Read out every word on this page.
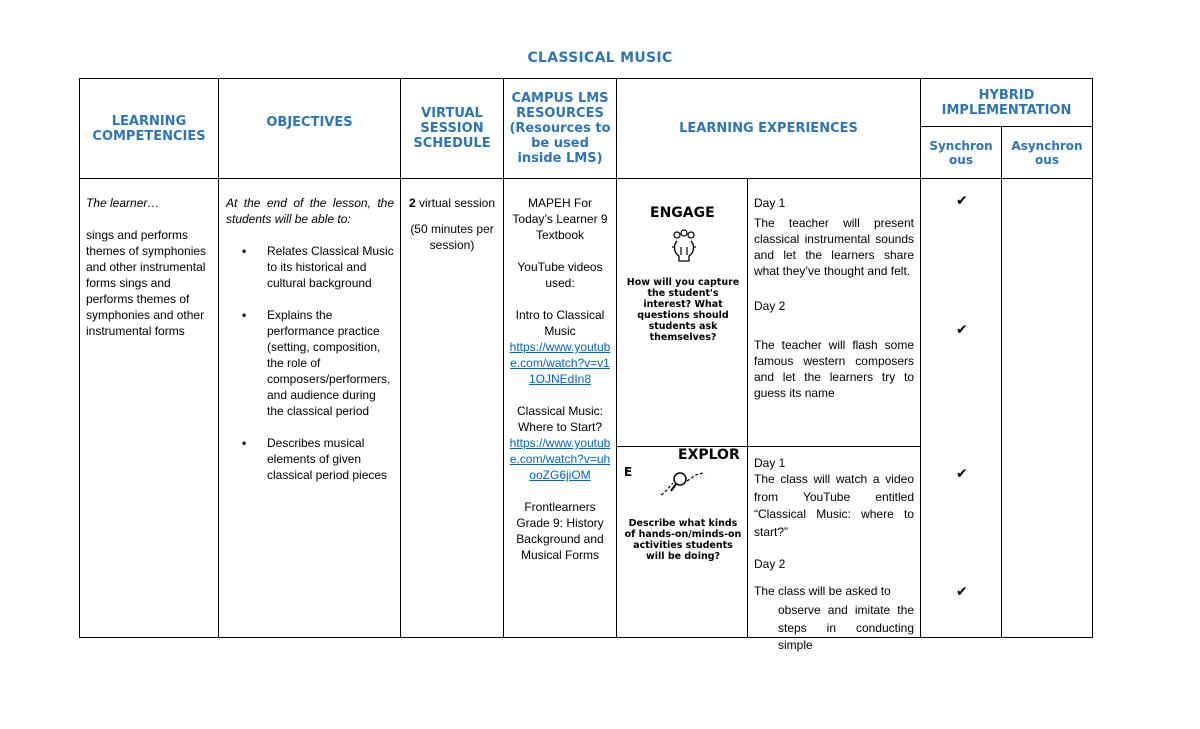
CLASSICAL MUSIC
LEARNING COMPETENCIES
OBJECTIVES
VIRTUAL SESSION SCHEDULE
CAMPUS LMS RESOURCES (Resources to be used inside LMS)
LEARNING EXPERIENCES
HYBRID IMPLEMENTATION
Synchron ous
Asynchron ous
The learner…
sings and performs themes of symphonies and other instrumental forms sings and performs themes of symphonies and other instrumental forms
At the end of the lesson, the students will be able to:
• Relates Classical Music to its historical and cultural background
• Explains the performance practice (setting, composition, the role of composers/performers, and audience during the classical period
• Describes musical elements of given classical period pieces
2 virtual session
(50 minutes per session)
MAPEH For Today’s Learner 9 Textbook
YouTube videos used:
Intro to Classical Music
https://www.youtube.com/watch?v=v11OJNEdIn8
Classical Music: Where to Start?
https://www.youtube.com/watch?v=uhooZG6jiOM
Frontlearners Grade 9: History Background and Musical Forms
ENGAGE
How will you capture the student's interest? What questions should students ask themselves?
Day 1
The teacher will present classical instrumental sounds and let the learners share what they’ve thought and felt.
Day 2
The teacher will flash some famous western composers and let the learners try to guess its name
EXPLOR
E
Describe what kinds of hands-on/minds-on activities students will be doing?
Day 1
The class will watch a video from YouTube entitled “Classical Music: where to start?”
Day 2
The class will be asked to
observe and imitate the steps in conducting simple
✔
✔
✔
✔
